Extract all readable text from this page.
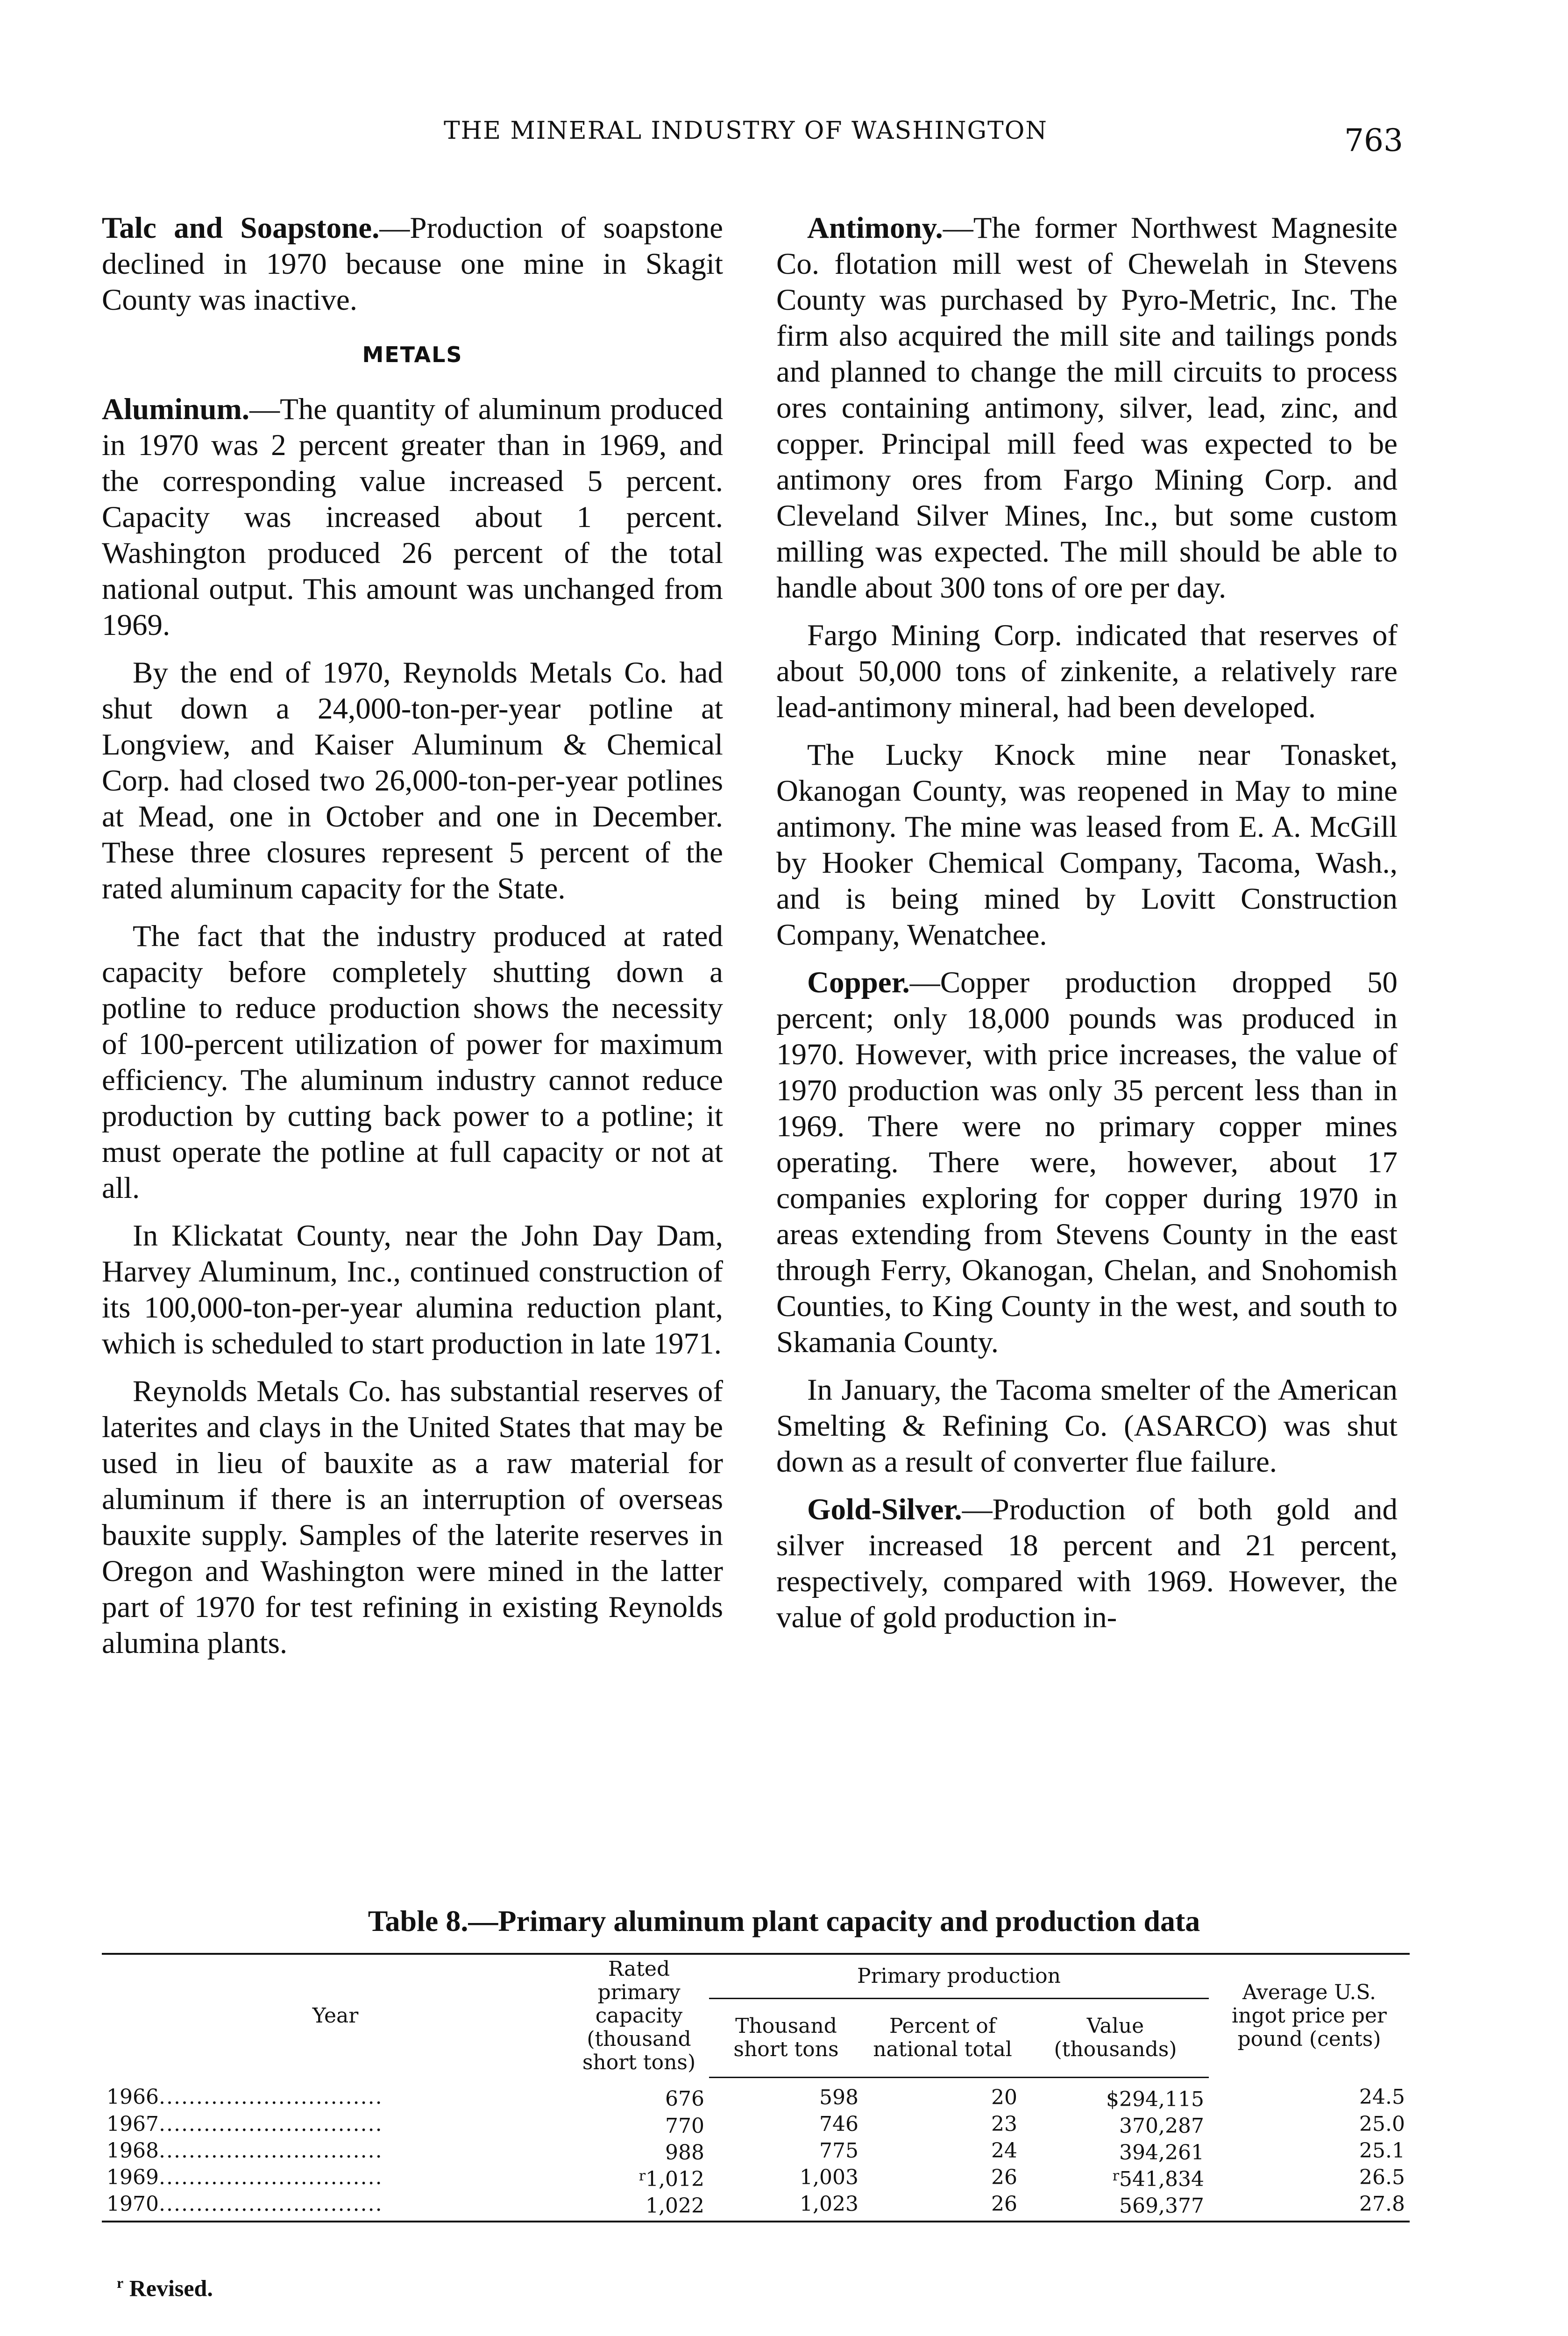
THE MINERAL INDUSTRY OF WASHINGTON	763

Talc and Soapstone.—Production of soapstone declined in 1970 because one mine in Skagit County was inactive.

METALS

Aluminum.—The quantity of aluminum produced in 1970 was 2 percent greater than in 1969, and the corresponding value increased 5 percent. Capacity was increased about 1 percent. Washington produced 26 percent of the total national output. This amount was unchanged from 1969.

By the end of 1970, Reynolds Metals Co. had shut down a 24,000-ton-per-year potline at Longview, and Kaiser Aluminum & Chemical Corp. had closed two 26,000-ton-per-year potlines at Mead, one in October and one in December. These three closures represent 5 percent of the rated aluminum capacity for the State.

The fact that the industry produced at rated capacity before completely shutting down a potline to reduce production shows the necessity of 100-percent utilization of power for maximum efficiency. The aluminum industry cannot reduce production by cutting back power to a potline; it must operate the potline at full capacity or not at all.

In Klickatat County, near the John Day Dam, Harvey Aluminum, Inc., continued construction of its 100,000-ton-per-year alumina reduction plant, which is scheduled to start production in late 1971.

Reynolds Metals Co. has substantial reserves of laterites and clays in the United States that may be used in lieu of bauxite as a raw material for aluminum if there is an interruption of overseas bauxite supply. Samples of the laterite reserves in Oregon and Washington were mined in the latter part of 1970 for test refining in existing Reynolds alumina plants.

Antimony.—The former Northwest Magnesite Co. flotation mill west of Chewelah in Stevens County was purchased by Pyro-Metric, Inc. The firm also acquired the mill site and tailings ponds and planned to change the mill circuits to process ores containing antimony, silver, lead, zinc, and copper. Principal mill feed was expected to be antimony ores from Fargo Mining Corp. and Cleveland Silver Mines, Inc., but some custom milling was expected. The mill should be able to handle about 300 tons of ore per day.

Fargo Mining Corp. indicated that reserves of about 50,000 tons of zinkenite, a relatively rare lead-antimony mineral, had been developed.

The Lucky Knock mine near Tonasket, Okanogan County, was reopened in May to mine antimony. The mine was leased from E. A. McGill by Hooker Chemical Company, Tacoma, Wash., and is being mined by Lovitt Construction Company, Wenatchee.

Copper.—Copper production dropped 50 percent; only 18,000 pounds was produced in 1970. However, with price increases, the value of 1970 production was only 35 percent less than in 1969. There were no primary copper mines operating. There were, however, about 17 companies exploring for copper during 1970 in areas extending from Stevens County in the east through Ferry, Okanogan, Chelan, and Snohomish Counties, to King County in the west, and south to Skamania County.

In January, the Tacoma smelter of the American Smelting & Refining Co. (ASARCO) was shut down as a result of converter flue failure.

Gold-Silver.—Production of both gold and silver increased 18 percent and 21 percent, respectively, compared with 1969. However, the value of gold production in-

Table 8.—Primary aluminum plant capacity and production data
Year	Rated primary capacity (thousand short tons)	Primary production			Average U.S. ingot price per pound (cents)
		Thousand short tons	Percent of national total	Value (thousands)	
1966..............................	676	598	20	$294,115	24.5
1967..............................	770	746	23	370,287	25.0
1968..............................	988	775	24	394,261	25.1
1969..............................	$^r$1,012	1,003	26	$^r$541,834	26.5
1970..............................	1,022	1,023	26	569,377	27.8
$^r$ Revised.
